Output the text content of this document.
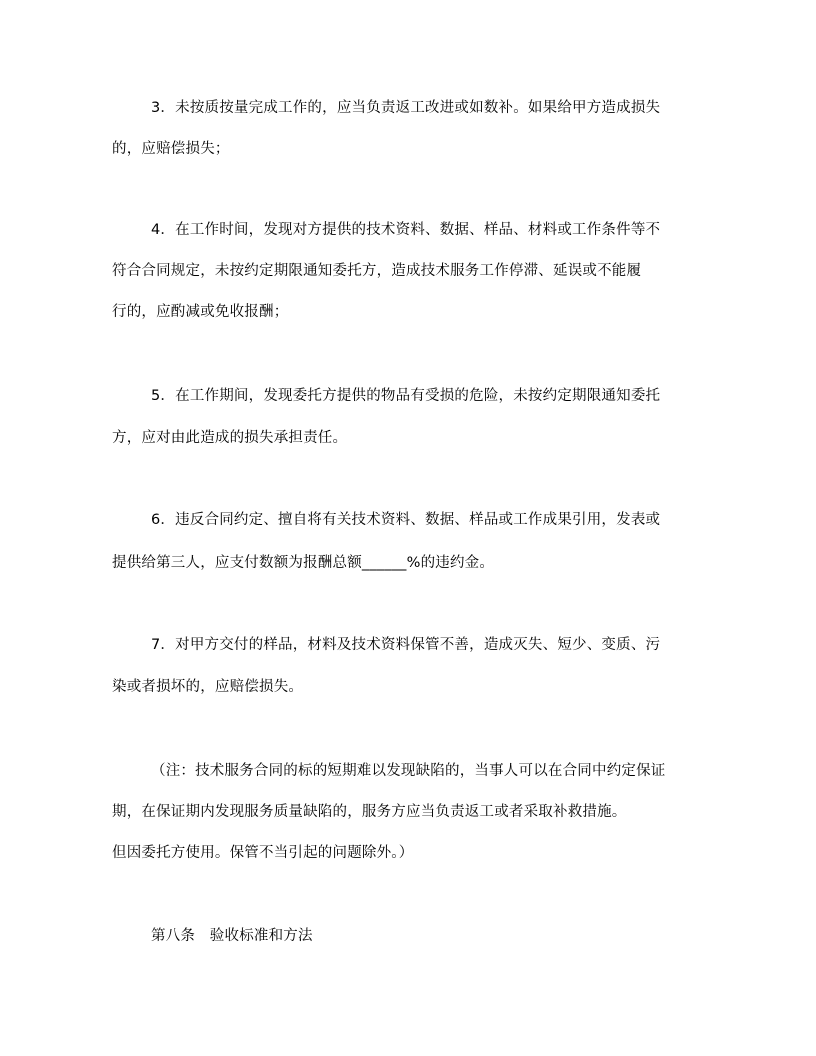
3．未按质按量完成工作的，应当负责返工改进或如数补。如果给甲方造成损失
的，应赔偿损失；
4．在工作时间，发现对方提供的技术资料、数据、样品、材料或工作条件等不
符合合同规定，未按约定期限通知委托方，造成技术服务工作停滞、延误或不能履
行的，应酌减或免收报酬；
5．在工作期间，发现委托方提供的物品有受损的危险，未按约定期限通知委托
方，应对由此造成的损失承担责任。
6．违反合同约定、擅自将有关技术资料、数据、样品或工作成果引用，发表或
提供给第三人，应支付数额为报酬总额______%的违约金。
7．对甲方交付的样品，材料及技术资料保管不善，造成灭失、短少、变质、污
染或者损坏的，应赔偿损失。
（注：技术服务合同的标的短期难以发现缺陷的，当事人可以在合同中约定保证
期，在保证期内发现服务质量缺陷的，服务方应当负责返工或者采取补救措施。
但因委托方使用。保管不当引起的问题除外。）
第八条　验收标准和方法
